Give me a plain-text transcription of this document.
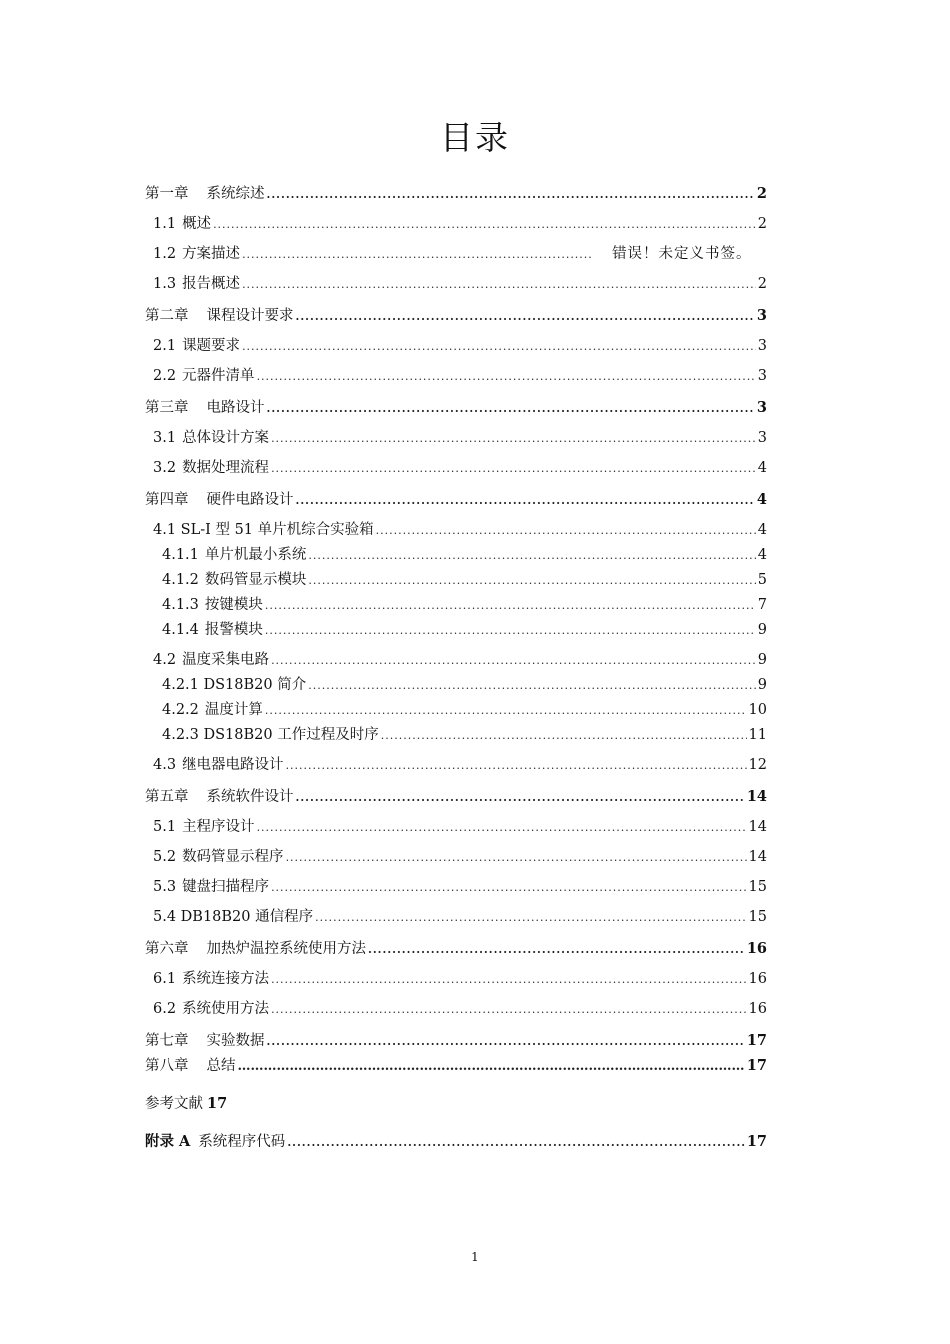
目录
第一章 系统综述 .....	2
1.1 概述 .....	2
1.2 方案描述 .....	错误！未定义书签。
1.3 报告概述 .....	2
第二章 课程设计要求 .....	3
2.1 课题要求 .....	3
2.2 元器件清单 .....	3
第三章 电路设计 .....	3
3.1 总体设计方案 .....	3
3.2 数据处理流程 .....	4
第四章 硬件电路设计 .....	4
4.1 SL-I 型 51 单片机综合实验箱 .....	4
4.1.1 单片机最小系统 .....	4
4.1.2 数码管显示模块 .....	5
4.1.3 按键模块 .....	7
4.1.4 报警模块 .....	9
4.2 温度采集电路 .....	9
4.2.1 DS18B20 简介 .....	9
4.2.2 温度计算 .....	10
4.2.3 DS18B20 工作过程及时序 .....	11
4.3 继电器电路设计 .....	12
第五章 系统软件设计 .....	14
5.1 主程序设计 .....	14
5.2 数码管显示程序 .....	14
5.3 键盘扫描程序 .....	15
5.4 DB18B20 通信程序 .....	15
第六章 加热炉温控系统使用方法 .....	16
6.1 系统连接方法 .....	16
6.2 系统使用方法 .....	16
第七章 实验数据 .....	17
第八章 总结 ………………………………………………………………………………………………………………………	17
参考文献 17
附录 A 系统程序代码 .....	17
1
